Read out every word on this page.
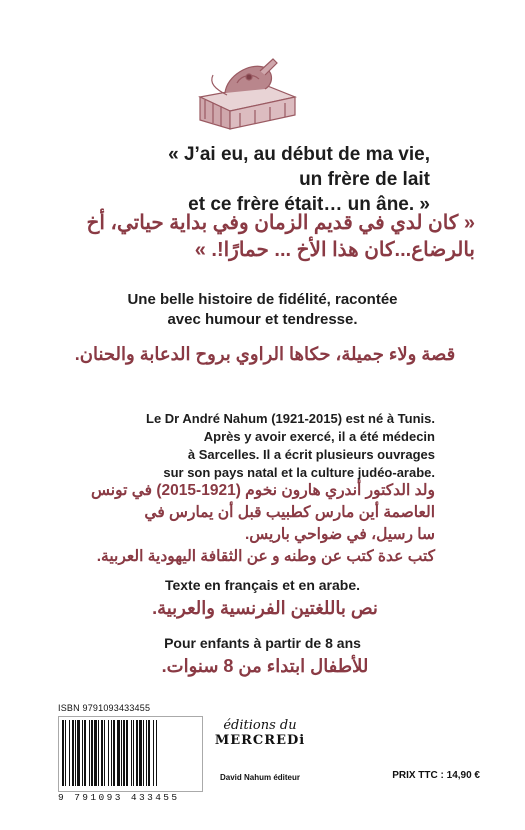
« J’ai eu, au début de ma vie,
un frère de lait
et ce frère était… un âne. »
« كان لدي في قديم الزمان وفي بداية حياتي، أخ
بالرضاع...كان هذا الأخ ... حمارًا!. »
Une belle histoire de fidélité, racontée
avec humour et tendresse.
قصة ولاء جميلة، حكاها الراوي بروح الدعابة والحنان.
Le Dr André Nahum (1921-2015) est né à Tunis.
Après y avoir exercé, il a été médecin
à Sarcelles. Il a écrit plusieurs ouvrages
sur son pays natal et la culture judéo-arabe.
ولد الدكتور أندري هارون نخوم (1921-2015) في تونس
العاصمة أين مارس كطبيب قبل أن يمارس في
سا رسيل، في ضواحي باريس.
كتب عدة كتب عن وطنه و عن الثقافة اليهودية العربية.
Texte en français et en arabe.
نص باللغتين الفرنسية والعربية.
Pour enfants à partir de 8 ans
للأطفال ابتداء من 8 سنوات.
ISBN 9791093433455
9 791093 433455
éditions du
MERCREDi
David Nahum éditeur	PRIX TTC : 14,90 €
